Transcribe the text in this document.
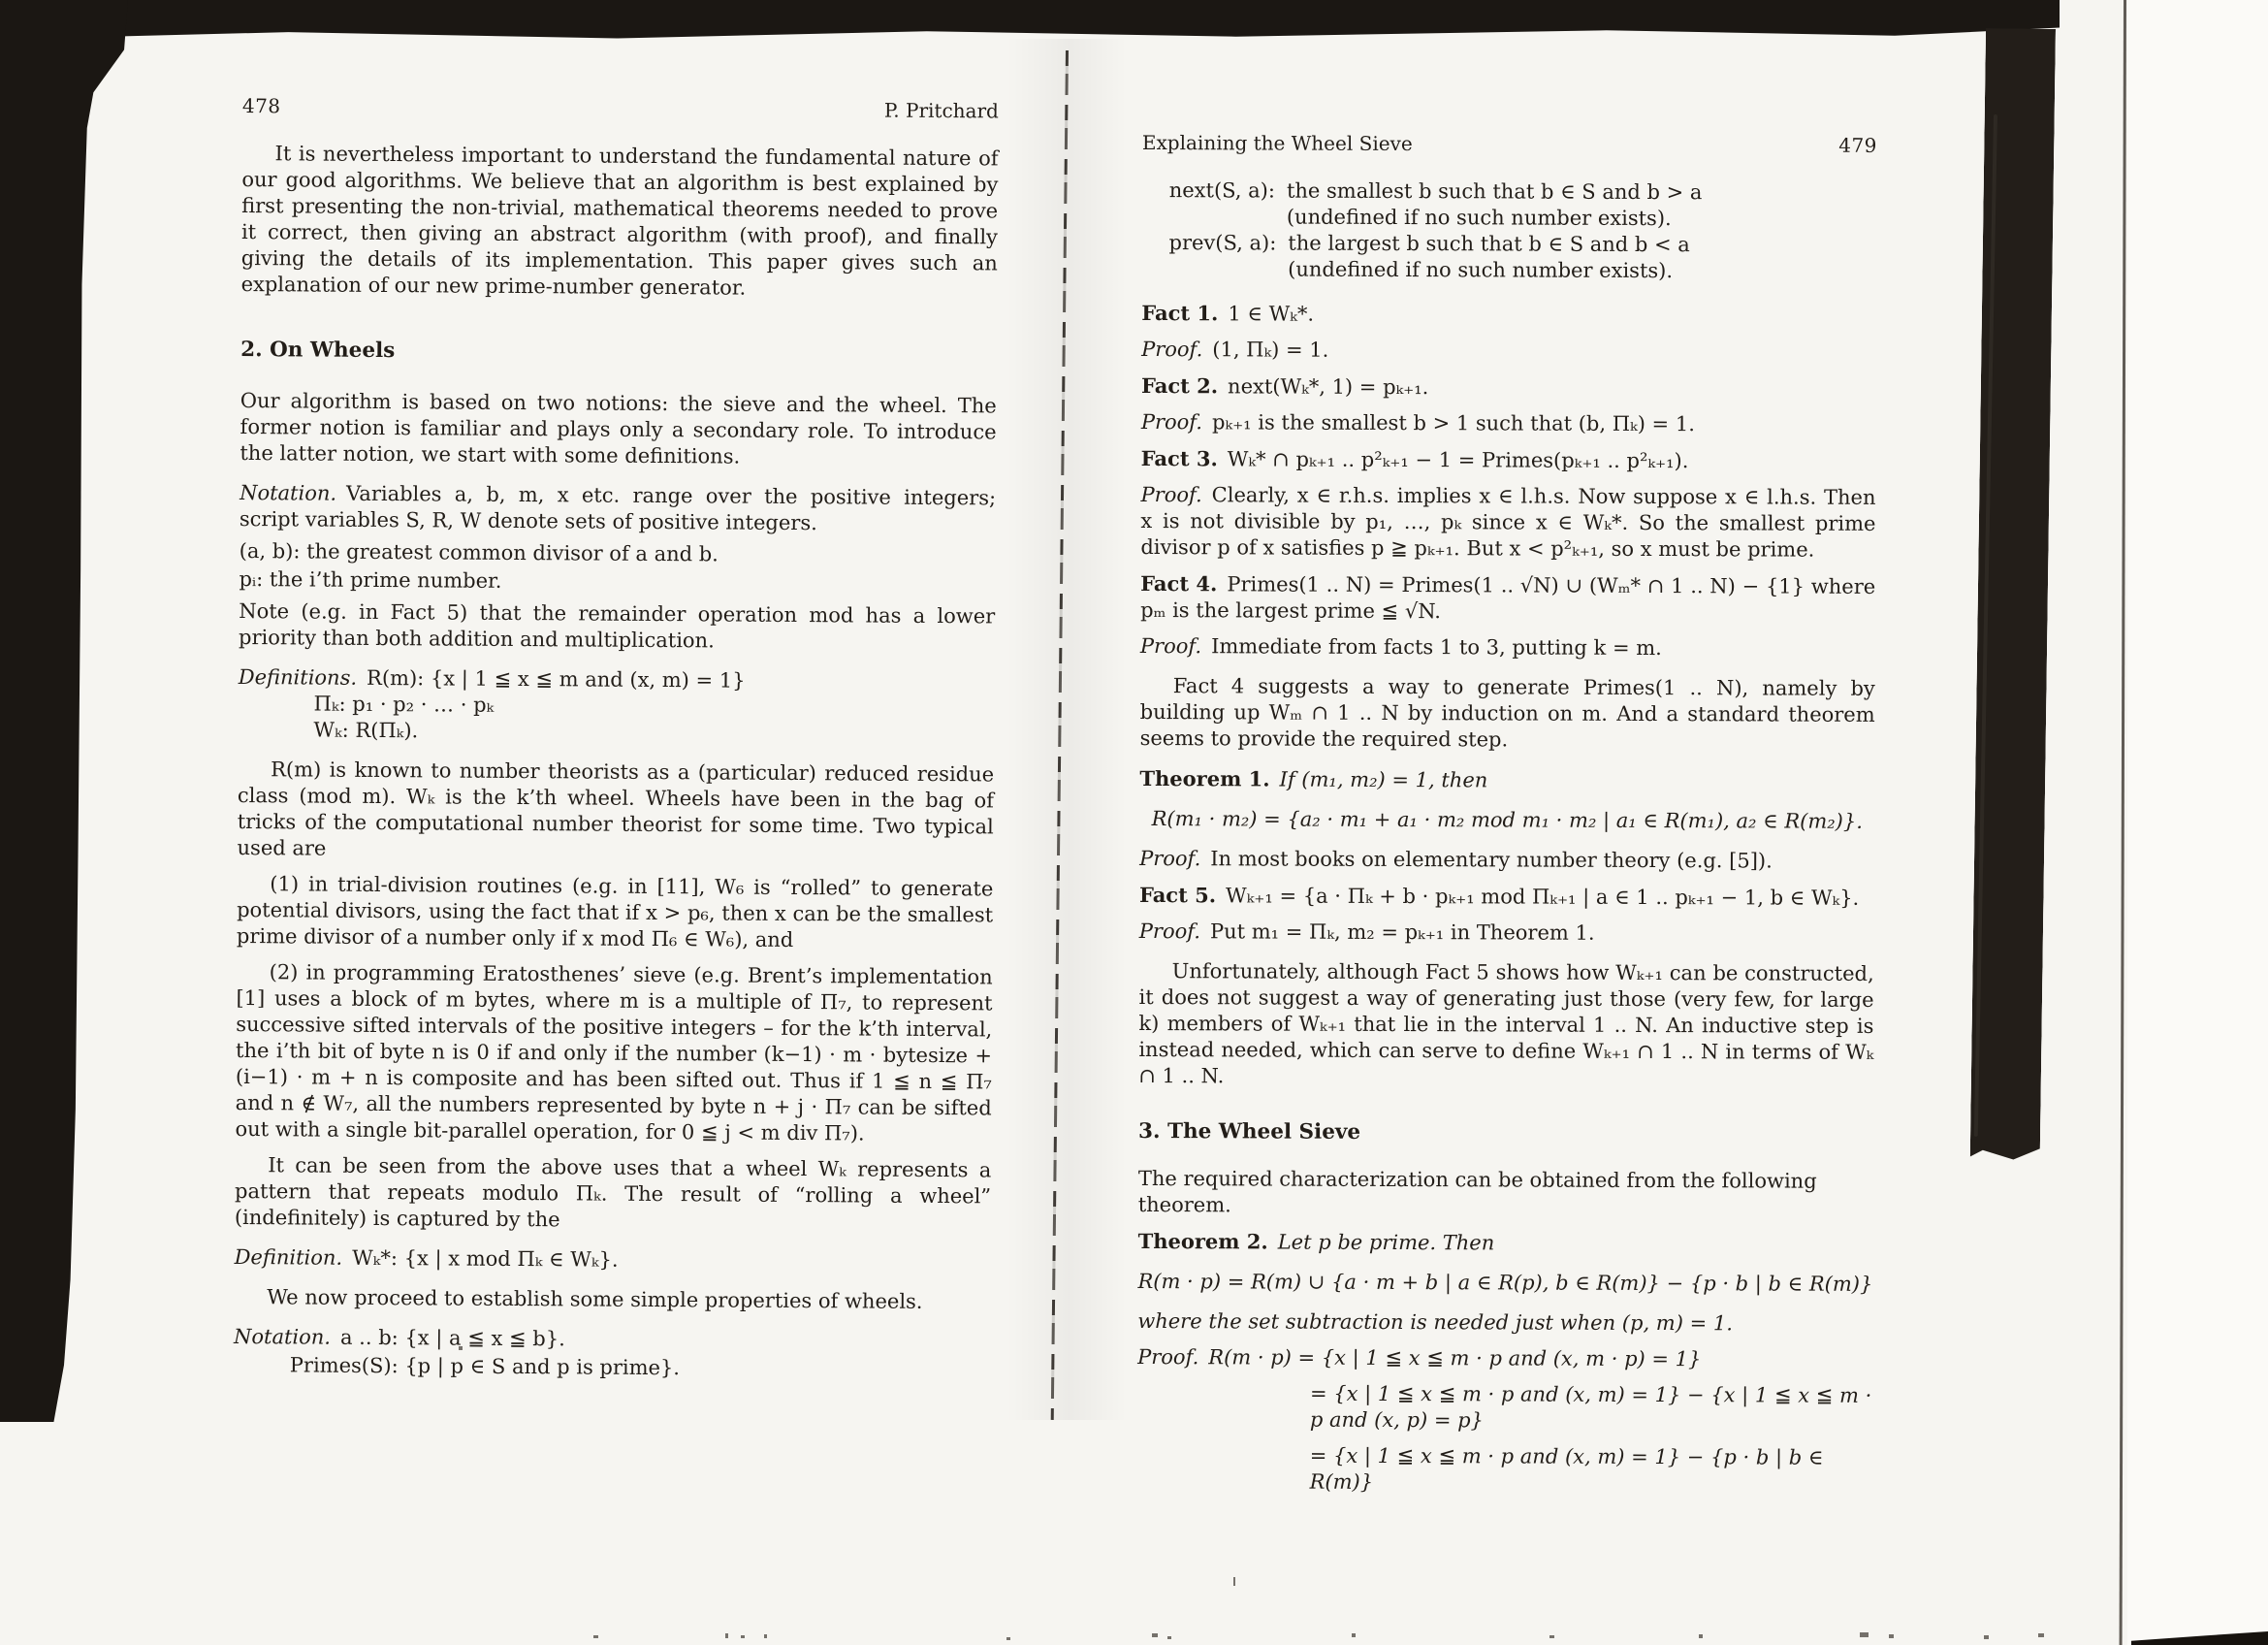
478	P. Pritchard

It is nevertheless important to understand the fundamental nature of our good algorithms. We believe that an algorithm is best explained by first presenting the non-trivial, mathematical theorems needed to prove it correct, then giving an abstract algorithm (with proof), and finally giving the details of its implementation. This paper gives such an explanation of our new prime-number generator.

2. On Wheels

Our algorithm is based on two notions: the sieve and the wheel. The former notion is familiar and plays only a secondary role. To introduce the latter notion, we start with some definitions.

Notation. Variables a, b, m, x etc. range over the positive integers; script variables S, R, W denote sets of positive integers.

(a, b): the greatest common divisor of a and b.

pᵢ: the i’th prime number.

Note (e.g. in Fact 5) that the remainder operation mod has a lower priority than both addition and multiplication.

Definitions. R(m): {x | 1 ≦ x ≦ m and (x, m) = 1}

Πₖ: p₁ · p₂ · … · pₖ

Wₖ: R(Πₖ).

R(m) is known to number theorists as a (particular) reduced residue class (mod m). Wₖ is the k’th wheel. Wheels have been in the bag of tricks of the computational number theorist for some time. Two typical used are

(1) in trial-division routines (e.g. in [11], W₆ is “rolled” to generate potential divisors, using the fact that if x > p₆, then x can be the smallest prime divisor of a number only if x mod Π₆ ∈ W₆), and

(2) in programming Eratosthenes’ sieve (e.g. Brent’s implementation [1] uses a block of m bytes, where m is a multiple of Π₇, to represent successive sifted intervals of the positive integers – for the k’th interval, the i’th bit of byte n is 0 if and only if the number (k−1) · m · bytesize + (i−1) · m + n is composite and has been sifted out. Thus if 1 ≦ n ≦ Π₇ and n ∉ W₇, all the numbers represented by byte n + j · Π₇ can be sifted out with a single bit-parallel operation, for 0 ≦ j < m div Π₇).

It can be seen from the above uses that a wheel Wₖ represents a pattern that repeats modulo Πₖ. The result of “rolling a wheel” (indefinitely) is captured by the

Definition. Wₖ*: {x | x mod Πₖ ∈ Wₖ}.

We now proceed to establish some simple properties of wheels.

Notation. a .. b: {x | a ≦ x ≦ b}.

Primes(S): {p | p ∈ S and p is prime}.

Explaining the Wheel Sieve	479
next(S, a): the smallest b such that b ∈ S and b > a
(undefined if no such number exists).
prev(S, a): the largest b such that b ∈ S and b < a
(undefined if no such number exists).

Fact 1. 1 ∈ Wₖ*.

Proof. (1, Πₖ) = 1.

Fact 2. next(Wₖ*, 1) = pₖ₊₁.

Proof. pₖ₊₁ is the smallest b > 1 such that (b, Πₖ) = 1.

Fact 3. Wₖ* ∩ pₖ₊₁ .. p²ₖ₊₁ − 1 = Primes(pₖ₊₁ .. p²ₖ₊₁).

Proof. Clearly, x ∈ r.h.s. implies x ∈ l.h.s. Now suppose x ∈ l.h.s. Then x is not divisible by p₁, …, pₖ since x ∈ Wₖ*. So the smallest prime divisor p of x satisfies p ≧ pₖ₊₁. But x < p²ₖ₊₁, so x must be prime.

Fact 4. Primes(1 .. N) = Primes(1 .. √N) ∪ (Wₘ* ∩ 1 .. N) − {1} where pₘ is the largest prime ≦ √N.

Proof. Immediate from facts 1 to 3, putting k = m.

Fact 4 suggests a way to generate Primes(1 .. N), namely by building up Wₘ ∩ 1 .. N by induction on m. And a standard theorem seems to provide the required step.

Theorem 1. If (m₁, m₂) = 1, then

R(m₁ · m₂) = {a₂ · m₁ + a₁ · m₂ mod m₁ · m₂ | a₁ ∈ R(m₁), a₂ ∈ R(m₂)}.

Proof. In most books on elementary number theory (e.g. [5]).

Fact 5. Wₖ₊₁ = {a · Πₖ + b · pₖ₊₁ mod Πₖ₊₁ | a ∈ 1 .. pₖ₊₁ − 1, b ∈ Wₖ}.

Proof. Put m₁ = Πₖ, m₂ = pₖ₊₁ in Theorem 1.

Unfortunately, although Fact 5 shows how Wₖ₊₁ can be constructed, it does not suggest a way of generating just those (very few, for large k) members of Wₖ₊₁ that lie in the interval 1 .. N. An inductive step is instead needed, which can serve to define Wₖ₊₁ ∩ 1 .. N in terms of Wₖ ∩ 1 .. N.

3. The Wheel Sieve

The required characterization can be obtained from the following theorem.

Theorem 2. Let p be prime. Then

R(m · p) = R(m) ∪ {a · m + b | a ∈ R(p), b ∈ R(m)} − {p · b | b ∈ R(m)}

where the set subtraction is needed just when (p, m) = 1.

Proof. R(m · p) = {x | 1 ≦ x ≦ m · p and (x, m · p) = 1}

= {x | 1 ≦ x ≦ m · p and (x, m) = 1} − {x | 1 ≦ x ≦ m · p and (x, p) = p}

= {x | 1 ≦ x ≦ m · p and (x, m) = 1} − {p · b | b ∈ R(m)}
